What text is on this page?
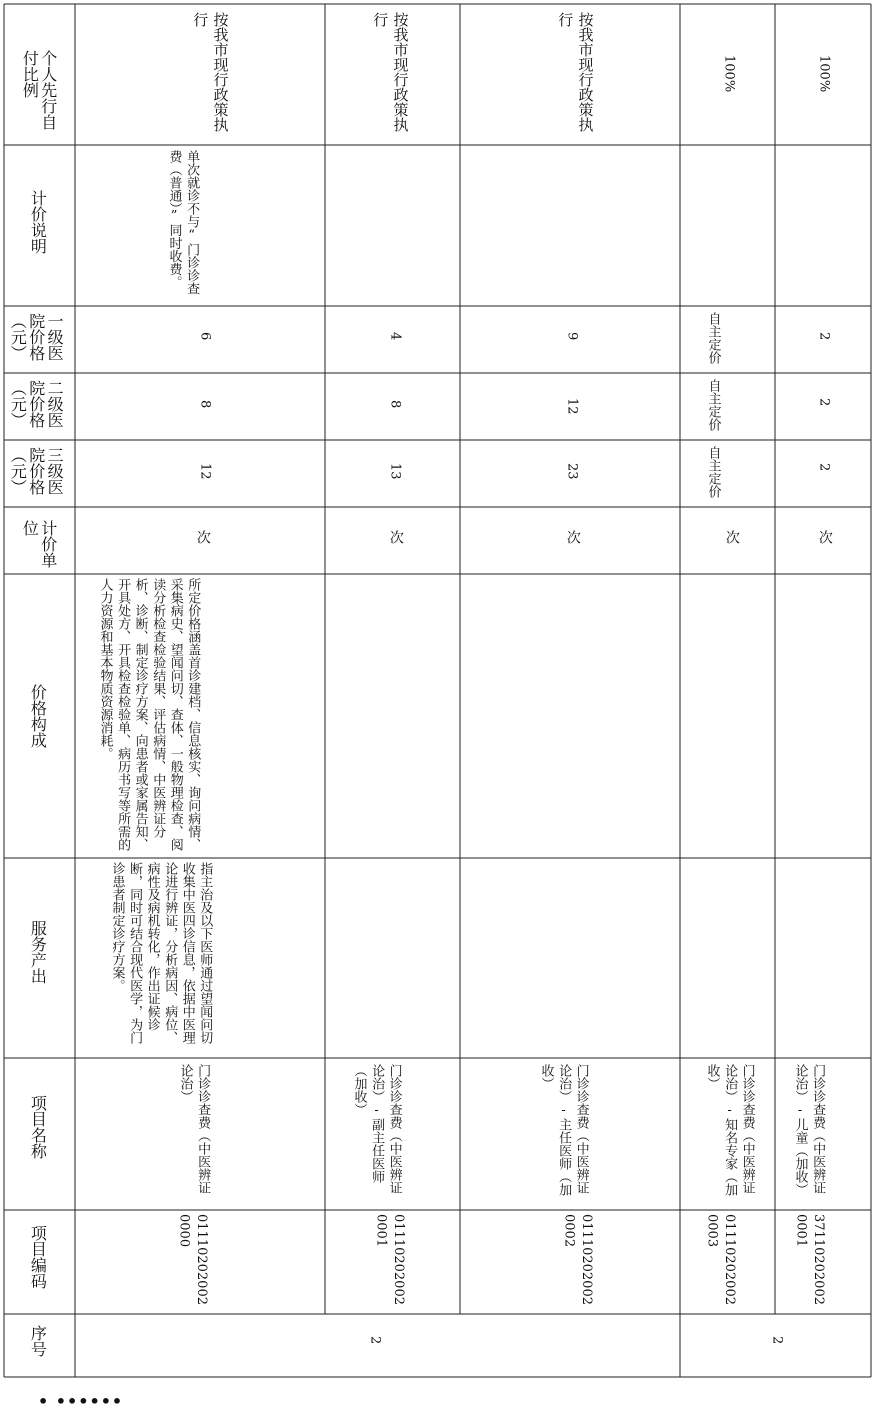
个人先行自付比例
计价说明
一级医院价格（元）
二级医院价格（元）
三级医院价格（元）
计价单位
价格构成
服务产出
项目名称
项目编码
序号
按我市现行政策执行
单次就诊不与“门诊诊查费（普通）”同时收费。
6
8
12
次
所定价格涵盖首诊建档、信息核实、询问病情、采集病史、望闻问切、查体、一般物理检查、阅读分析检查检验结果、评估病情、中医辨证分析、诊断、制定诊疗方案、向患者或家属告知、开具处方、开具检查检验单、病历书写等所需的人力资源和基本物质资源消耗。
指主治及以下医师通过望闻问切收集中医四诊信息，依据中医理论进行辨证，分析病因、病位、病性及病机转化，作出证候诊断，同时可结合现代医学，为门诊患者制定诊疗方案。
门诊诊查费（中医辨证论治）
011102020020000
按我市现行政策执行
4
8
13
次
门诊诊查费（中医辨证论治）-副主任医师（加收）
011102020020001
按我市现行政策执行
9
12
23
次
门诊诊查费（中医辨证论治）-主任医师（加收）
011102020020002
100%
自主定价
自主定价
自主定价
次
门诊诊查费（中医辨证论治）-知名专家（加收）
011102020020003
100%
2
2
2
次
门诊诊查费（中医辨证论治）-儿童（加收）
371102020020001
2	2
• ••••••
